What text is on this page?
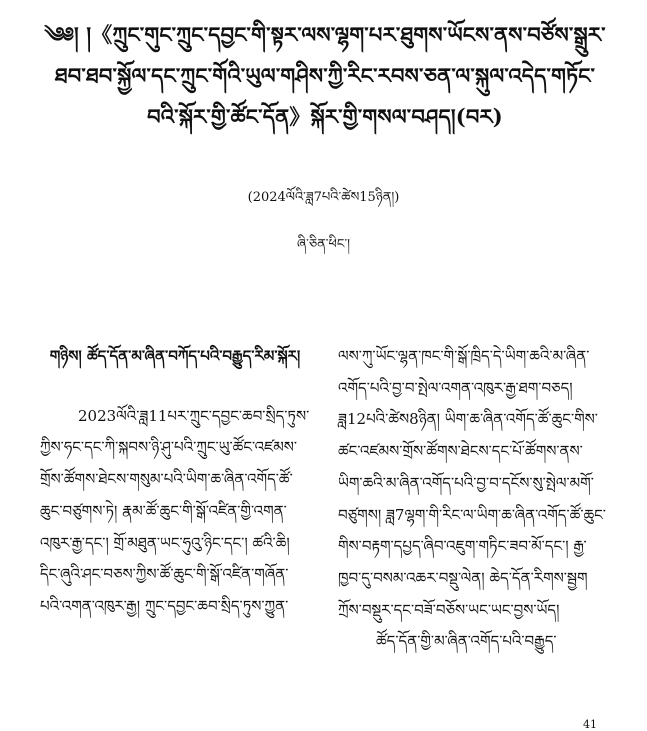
༄༅། །《ཀྲུང་གུང་ཀྲུང་དབྱང་གི་སྟར་ལས་ལྷག་པར་ཐུགས་ཡོངས་ནས་བཙོས་སྒྲུར་ཐབ་ཐབ་སྐྱོལ་དང་ཀྲུང་གོའི་ཡུལ་གཤིས་ཀྱི་རིང་རབས་ཅན་ལ་སྐུལ་འདེད་གཏོང་བའི་སྐོར་གྱི་ཚོང་དོན》སྐོར་གྱི་གསལ་བཤད།(བར)
(2024ལོའི་ཟླ7པའི་ཚེས15ཉིན།)
ཞི་ཅིན་ཕིང་།

གཉིས། ཚོད་དོན་མ་ཞིན་བཀོད་པའི་བརྒྱུད་རིམ་སྐོར།

2023ལོའི་ཟླ11པར་ཀྲུང་དབྱང་ཆབ་སྲིད་ཏུས་ཀྱིས་ཧང་དང་ཀི་སྐབས་ཉི་ཤུ་པའི་ཀྲུང་ཡུ་ཚོང་འཛམས་གྲོས་ཚོགས་ཐེངས་གསུམ་པའི་ཡིག་ཆ་ཞིན་འགོད་ཚོ་ཆུང་བཙུགས་ཏེ། རྣམ་ཚོ་ཆུང་གི་སྒོ་འཛིན་གྱི་འགན་འཁུར་རྒྱ་དང་། གྲོ་མཐུན་ཡང་ཧུའུ་ཉིང་དང་། ཚའི་ཆི། དིང་ཞུའི་ཤང་བཅས་ཀྱིས་ཚོ་ཆུང་གི་སྒོ་འཛིན་གཞོན་པའི་འགན་འཁུར་རྒྱ། ཀྲུང་དབྱང་ཆབ་སྲིད་ཏུས་ཀྱུན་

ལས་ཀུ་ཡོང་ལྷན་ཁང་གི་སྒོ་ཁྲིད་དེ་ཡིག་ཆའི་མ་ཞིན་འགོད་པའི་བྱ་བ་སྤེལ་འགན་འཁུར་རྒྱ་ཐག་བཅད། ཟླ12པའི་ཚེས8ཉིན། ཡིག་ཆ་ཞིན་འགོད་ཚོ་ཆུང་གིས་ཚང་འཛམས་གྲོས་ཚོགས་ཐེངས་དང་པོ་ཚོགས་ནས་ཡིག་ཆའི་མ་ཞིན་འགོད་པའི་བྱ་བ་དངོས་སུ་སྤེལ་མགོ་བཙུགས། ཟླ7ལྷག་གི་རིང་ལ་ཡིག་ཆ་ཞིན་འགོད་ཚོ་ཆུང་གིས་བརྟག་དཔྱད་ཞིབ་འཇུག་གཏིང་ཟབ་མོ་དང་། རྒྱ་ཁྱབ་དུ་བསམ་འཆར་བསྡུ་ལེན། ཆེད་དོན་རིགས་སྦྱག ཀྲོས་བསྡུར་དང་བཟོ་བཅོས་ཡང་ཡང་བྱས་ཡོད།

ཚོད་དོན་གྱི་མ་ཞིན་འགོད་པའི་བརྒྱུད་

41
